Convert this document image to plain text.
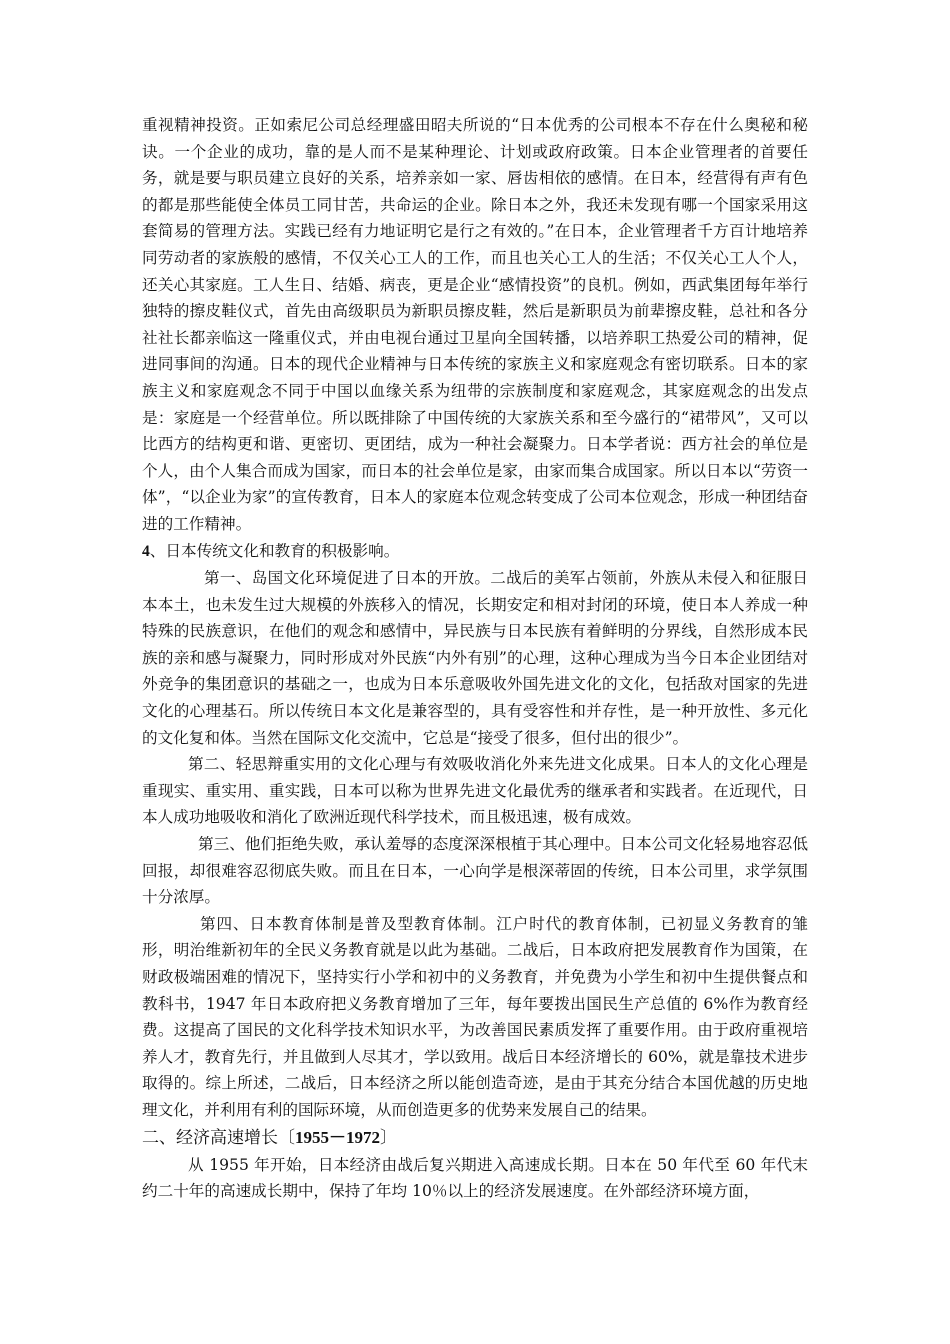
重视精神投资。正如索尼公司总经理盛田昭夫所说的“日本优秀的公司根本不存在什么奥秘和秘诀。一个企业的成功，靠的是人而不是某种理论、计划或政府政策。日本企业管理者的首要任务，就是要与职员建立良好的关系，培养亲如一家、唇齿相依的感情。在日本，经营得有声有色的都是那些能使全体员工同甘苦，共命运的企业。除日本之外，我还未发现有哪一个国家采用这套简易的管理方法。实践已经有力地证明它是行之有效的。”在日本，企业管理者千方百计地培养同劳动者的家族般的感情，不仅关心工人的工作，而且也关心工人的生活；不仅关心工人个人，还关心其家庭。工人生日、结婚、病丧，更是企业“感情投资”的良机。例如，西武集团每年举行独特的擦皮鞋仪式，首先由高级职员为新职员擦皮鞋，然后是新职员为前辈擦皮鞋，总社和各分社社长都亲临这一隆重仪式，并由电视台通过卫星向全国转播，以培养职工热爱公司的精神，促进同事间的沟通。日本的现代企业精神与日本传统的家族主义和家庭观念有密切联系。日本的家族主义和家庭观念不同于中国以血缘关系为纽带的宗族制度和家庭观念，其家庭观念的出发点是：家庭是一个经营单位。所以既排除了中国传统的大家族关系和至今盛行的“裙带风”，又可以比西方的结构更和谐、更密切、更团结，成为一种社会凝聚力。日本学者说：西方社会的单位是个人，由个人集合而成为国家，而日本的社会单位是家，由家而集合成国家。所以日本以“劳资一体”，“以企业为家”的宣传教育，日本人的家庭本位观念转变成了公司本位观念，形成一种团结奋进的工作精神。

4、日本传统文化和教育的积极影响。

第一、岛国文化环境促进了日本的开放。二战后的美军占领前，外族从未侵入和征服日本本土，也未发生过大规模的外族移入的情况，长期安定和相对封闭的环境，使日本人养成一种特殊的民族意识，在他们的观念和感情中，异民族与日本民族有着鲜明的分界线，自然形成本民族的亲和感与凝聚力，同时形成对外民族“内外有别”的心理，这种心理成为当今日本企业团结对外竞争的集团意识的基础之一，也成为日本乐意吸收外国先进文化的文化，包括敌对国家的先进文化的心理基石。所以传统日本文化是兼容型的，具有受容性和并存性，是一种开放性、多元化的文化复和体。当然在国际文化交流中，它总是“接受了很多，但付出的很少”。

第二、轻思辩重实用的文化心理与有效吸收消化外来先进文化成果。日本人的文化心理是重现实、重实用、重实践，日本可以称为世界先进文化最优秀的继承者和实践者。在近现代，日本人成功地吸收和消化了欧洲近现代科学技术，而且极迅速，极有成效。

第三、他们拒绝失败，承认羞辱的态度深深根植于其心理中。日本公司文化轻易地容忍低回报，却很难容忍彻底失败。而且在日本，一心向学是根深蒂固的传统，日本公司里，求学氛围十分浓厚。

第四、日本教育体制是普及型教育体制。江户时代的教育体制，已初显义务教育的雏形，明治维新初年的全民义务教育就是以此为基础。二战后，日本政府把发展教育作为国策，在财政极端困难的情况下，坚持实行小学和初中的义务教育，并免费为小学生和初中生提供餐点和教科书，1947 年日本政府把义务教育增加了三年，每年要拨出国民生产总值的 6%作为教育经费。这提高了国民的文化科学技术知识水平，为改善国民素质发挥了重要作用。由于政府重视培养人才，教育先行，并且做到人尽其才，学以致用。战后日本经济增长的 60%，就是靠技术进步取得的。综上所述，二战后，日本经济之所以能创造奇迹，是由于其充分结合本国优越的历史地理文化，并利用有利的国际环境，从而创造更多的优势来发展自己的结果。

二、经济高速增长〔1955－1972〕

从 1955 年开始，日本经济由战后复兴期进入高速成长期。日本在 50 年代至 60 年代末约二十年的高速成长期中，保持了年均 10％以上的经济发展速度。在外部经济环境方面，
